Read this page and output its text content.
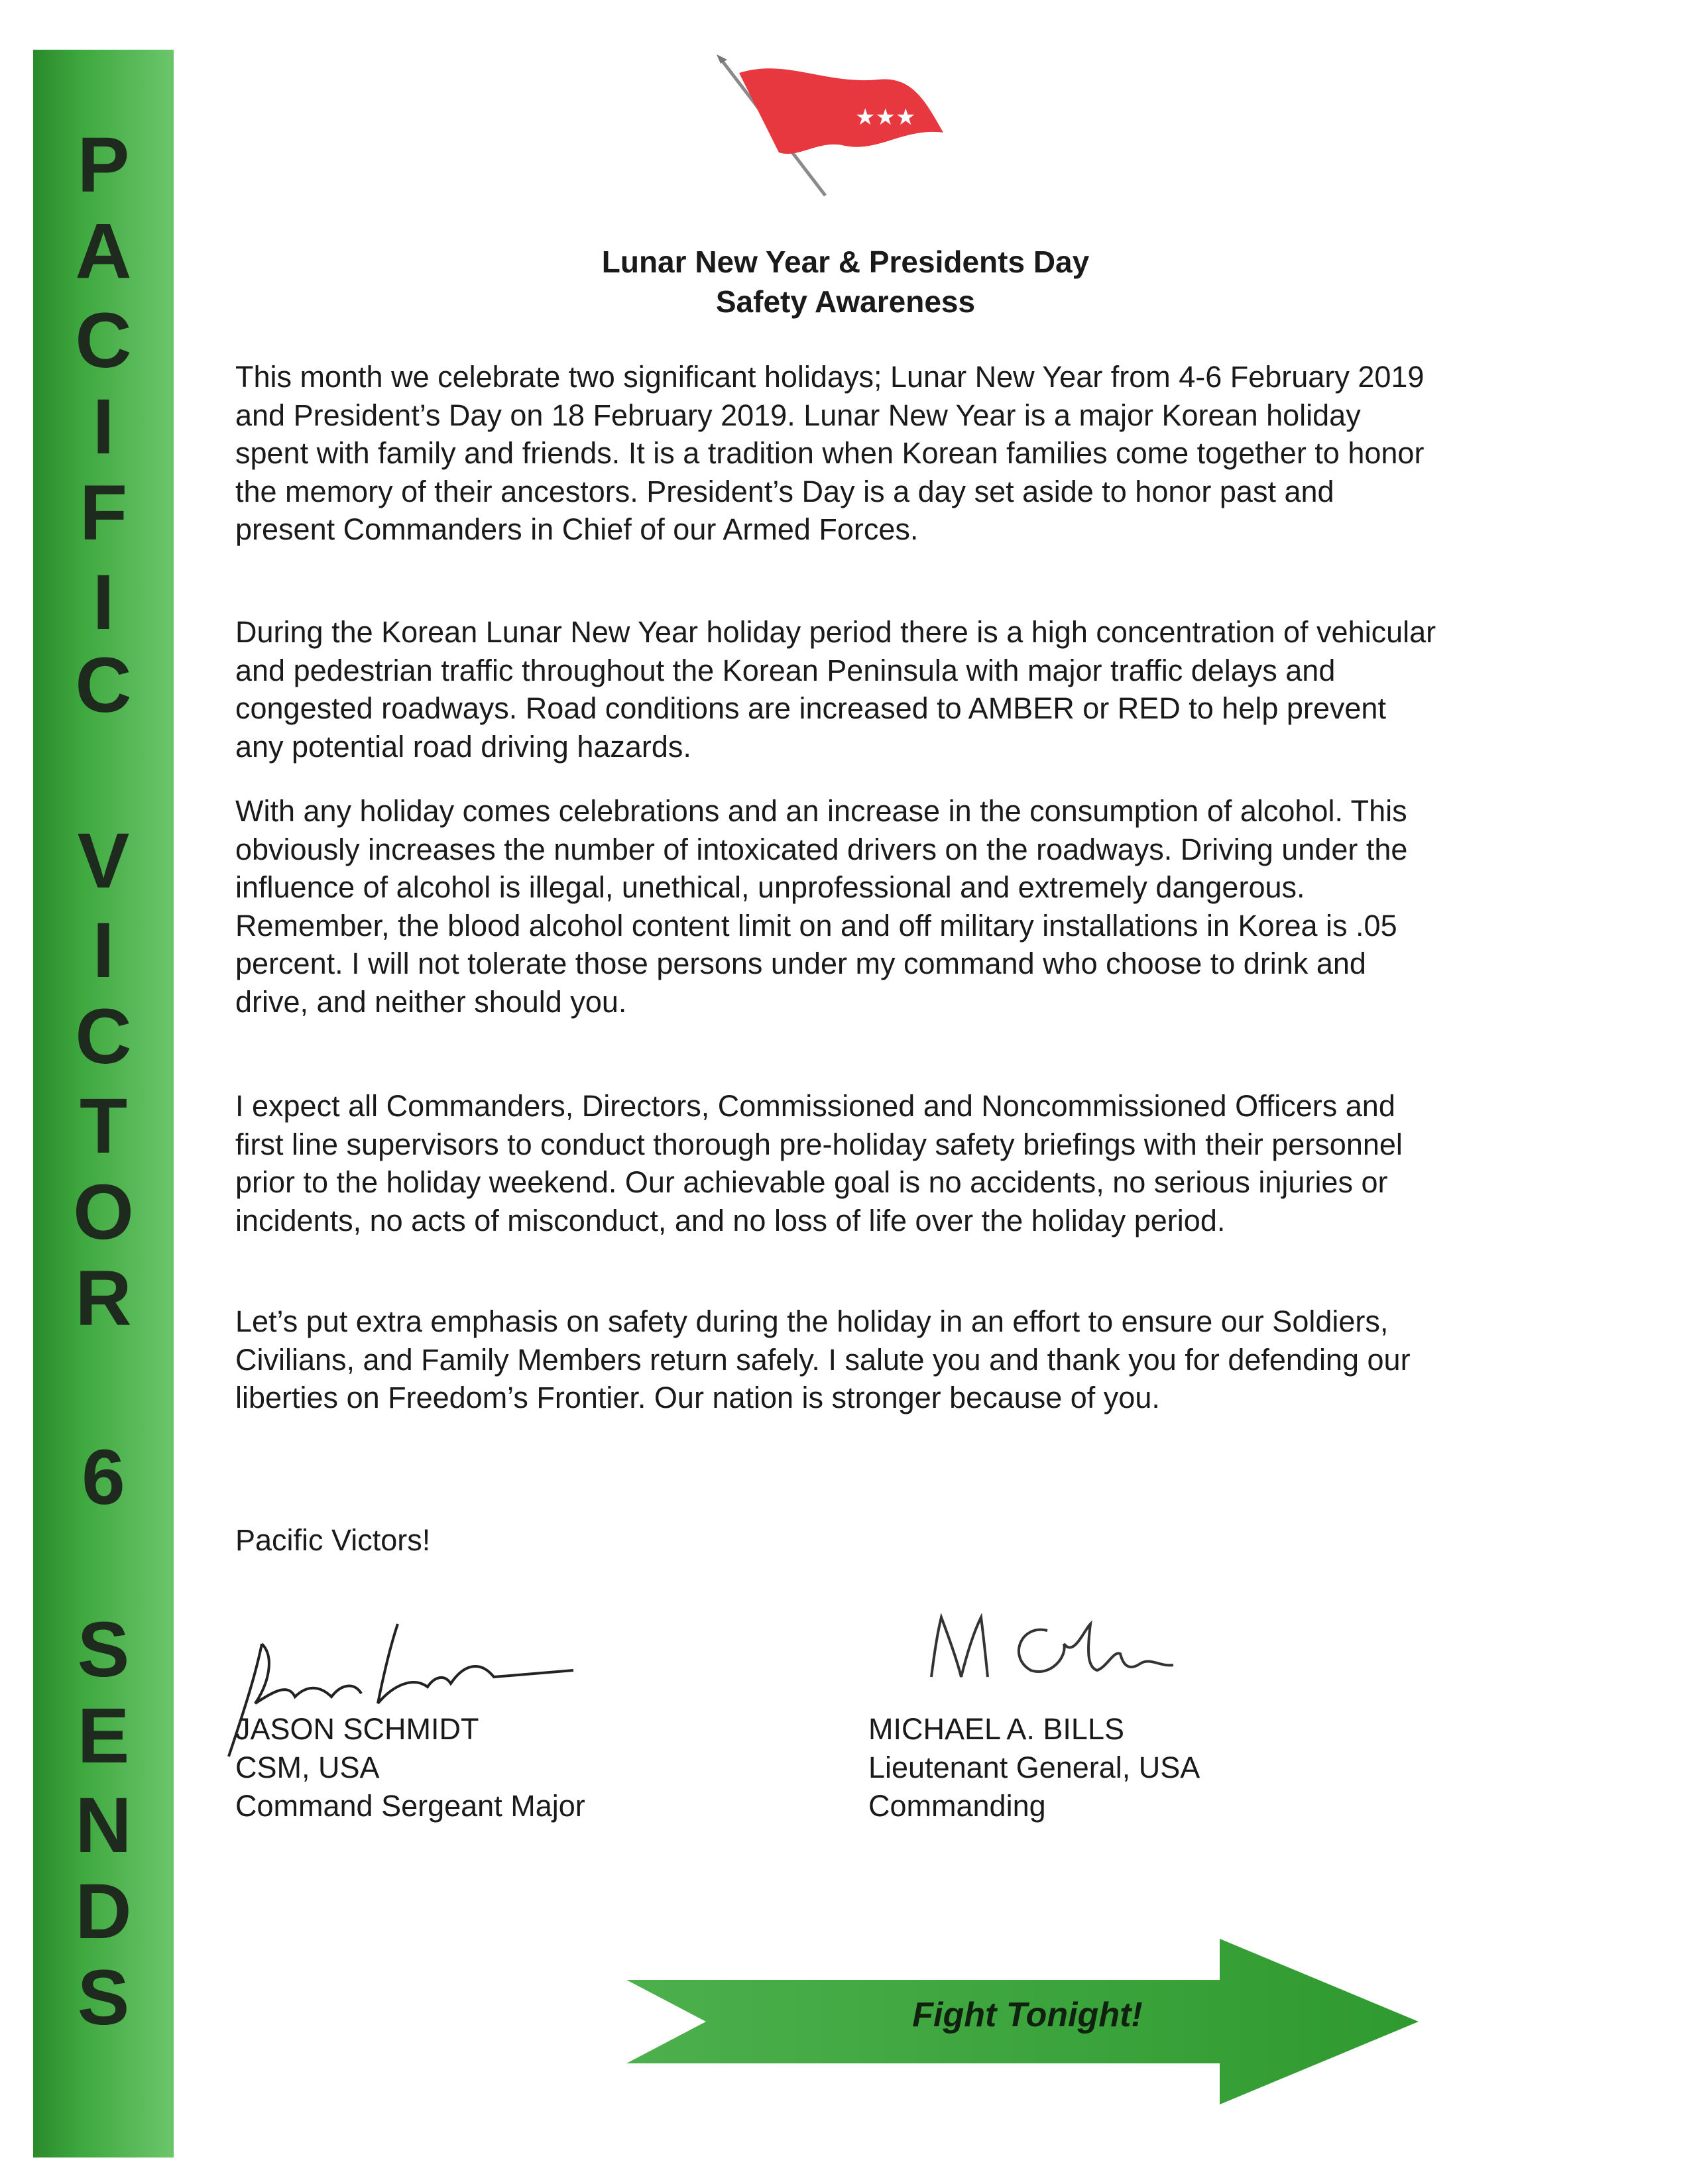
P
A
C
I
F
I
C
V
I
C
T
O
R
6
S
E
N
D
S
★★★
Lunar New Year & Presidents Day
Safety Awareness

This month we celebrate two significant holidays; Lunar New Year from 4-6 February 2019 and President’s Day on 18 February 2019. Lunar New Year is a major Korean holiday spent with family and friends. It is a tradition when Korean families come together to honor the memory of their ancestors. President’s Day is a day set aside to honor past and present Commanders in Chief of our Armed Forces.

During the Korean Lunar New Year holiday period there is a high concentration of vehicular and pedestrian traffic throughout the Korean Peninsula with major traffic delays and congested roadways. Road conditions are increased to AMBER or RED to help prevent any potential road driving hazards.

With any holiday comes celebrations and an increase in the consumption of alcohol. This obviously increases the number of intoxicated drivers on the roadways. Driving under the influence of alcohol is illegal, unethical, unprofessional and extremely dangerous. Remember, the blood alcohol content limit on and off military installations in Korea is .05 percent. I will not tolerate those persons under my command who choose to drink and drive, and neither should you.

I expect all Commanders, Directors, Commissioned and Noncommissioned Officers and first line supervisors to conduct thorough pre-holiday safety briefings with their personnel prior to the holiday weekend. Our achievable goal is no accidents, no serious injuries or incidents, no acts of misconduct, and no loss of life over the holiday period.

Let’s put extra emphasis on safety during the holiday in an effort to ensure our Soldiers, Civilians, and Family Members return safely. I salute you and thank you for defending our liberties on Freedom’s Frontier. Our nation is stronger because of you.

Pacific Victors!

JASON SCHMIDT
CSM, USA
Command Sergeant Major
MICHAEL A. BILLS
Lieutenant General, USA
Commanding
Fight Tonight!
